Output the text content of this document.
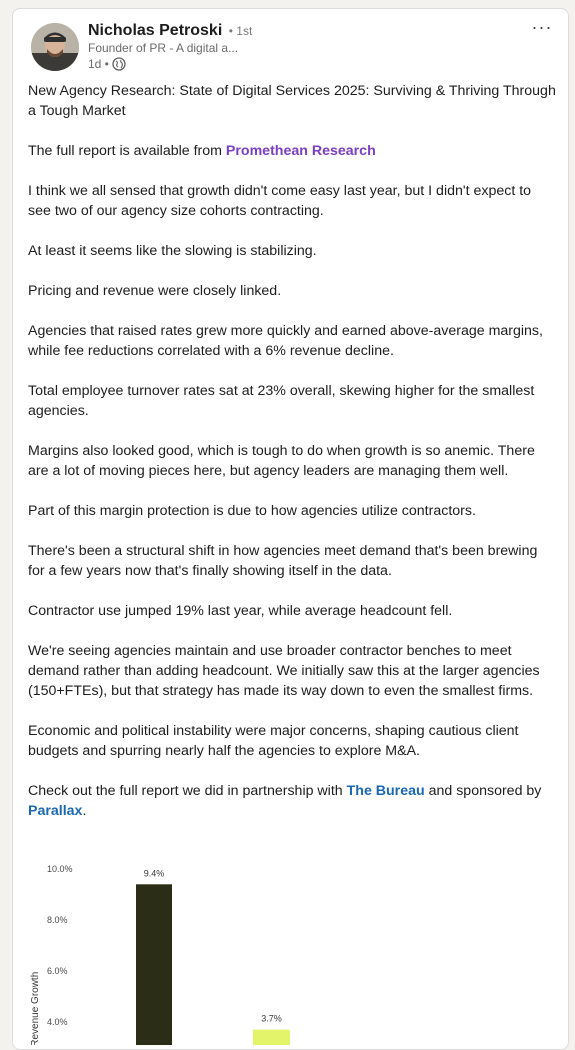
Nicholas Petroski • 1st
Founder of PR - A digital a...
1d •
···

New Agency Research: State of Digital Services 2025: Surviving & Thriving Through a Tough Market

The full report is available from Promethean Research

I think we all sensed that growth didn't come easy last year, but I didn't expect to see two of our agency size cohorts contracting.

At least it seems like the slowing is stabilizing.

Pricing and revenue were closely linked.

Agencies that raised rates grew more quickly and earned above-average margins, while fee reductions correlated with a 6% revenue decline.

Total employee turnover rates sat at 23% overall, skewing higher for the smallest agencies.

Margins also looked good, which is tough to do when growth is so anemic. There are a lot of moving pieces here, but agency leaders are managing them well.

Part of this margin protection is due to how agencies utilize contractors.

There's been a structural shift in how agencies meet demand that's been brewing for a few years now that's finally showing itself in the data.

Contractor use jumped 19% last year, while average headcount fell.

We're seeing agencies maintain and use broader contractor benches to meet demand rather than adding headcount. We initially saw this at the larger agencies (150+FTEs), but that strategy has made its way down to even the smallest firms.

Economic and political instability were major concerns, shaping cautious client budgets and spurring nearly half the agencies to explore M&A.

Check out the full report we did in partnership with The Bureau and sponsored by Parallax.

10.0%
8.0%
6.0%
4.0%
Revenue Growth
9.4%
3.7%
